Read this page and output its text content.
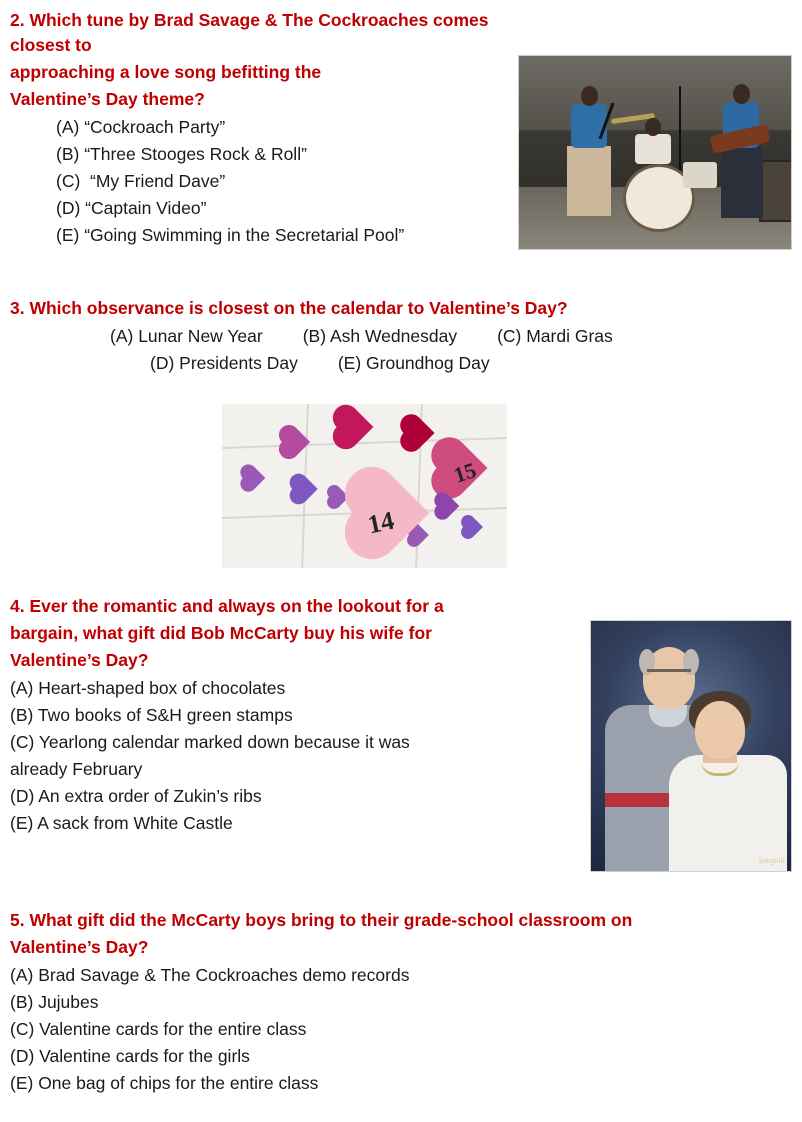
2. Which tune by Brad Savage & The Cockroaches comes closest to
approaching a love song befitting the
Valentine’s Day theme?
(A) “Cockroach Party”
(B) “Three Stooges Rock & Roll”
(C)  “My Friend Dave”
(D) “Captain Video”
(E) “Going Swimming in the Secretarial Pool”
3. Which observance is closest on the calendar to Valentine’s Day?
(A) Lunar New Year (B) Ash Wednesday (C) Mardi Gras
(D) Presidents Day (E) Groundhog Day
14
15
4. Ever the romantic and always on the lookout for a
bargain, what gift did Bob McCarty buy his wife for
Valentine’s Day?
(A) Heart-shaped box of chocolates
(B) Two books of S&H green stamps
(C) Yearlong calendar marked down because it was
already February
(D) An extra order of Zukin’s ribs
(E) A sack from White Castle
Sanguili
5. What gift did the McCarty boys bring to their grade-school classroom on
Valentine’s Day?
(A) Brad Savage & The Cockroaches demo records
(B) Jujubes
(C) Valentine cards for the entire class
(D) Valentine cards for the girls
(E) One bag of chips for the entire class
